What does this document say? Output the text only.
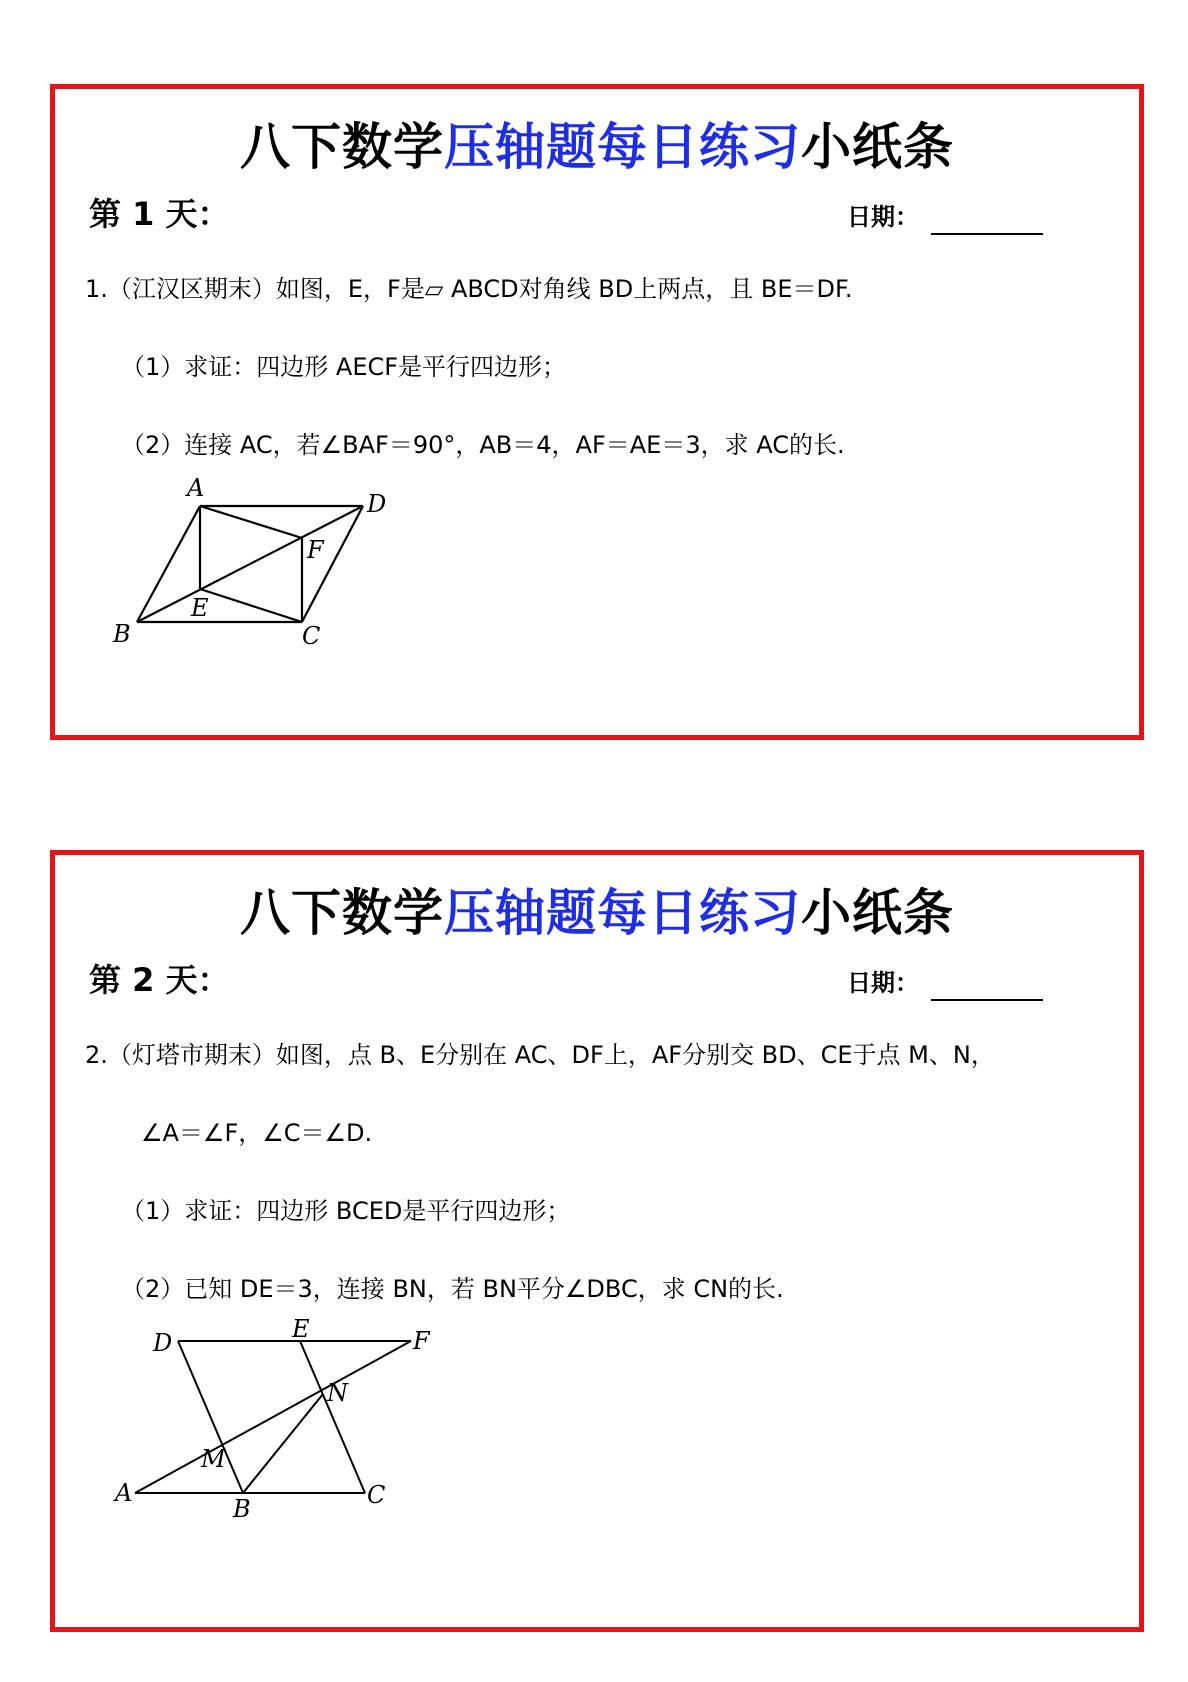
八下数学压轴题每日练习小纸条
第 1 天：	日期：
1.（江汉区期末）如图，E，F是▱ ABCD对角线 BD上两点，且 BE＝DF.
（1）求证：四边形 AECF是平行四边形；
（2）连接 AC，若∠BAF＝90°，AB＝4，AF＝AE＝3，求 AC的长.
A
D
F
E
B	C
八下数学压轴题每日练习小纸条
第 2 天：	日期：
2.（灯塔市期末）如图，点 B、E分别在 AC、DF上，AF分别交 BD、CE于点 M、N，
∠A＝∠F，∠C＝∠D.
（1）求证：四边形 BCED是平行四边形；
（2）已知 DE＝3，连接 BN，若 BN平分∠DBC，求 CN的长.
D	E	F
N
M
A
B	C
